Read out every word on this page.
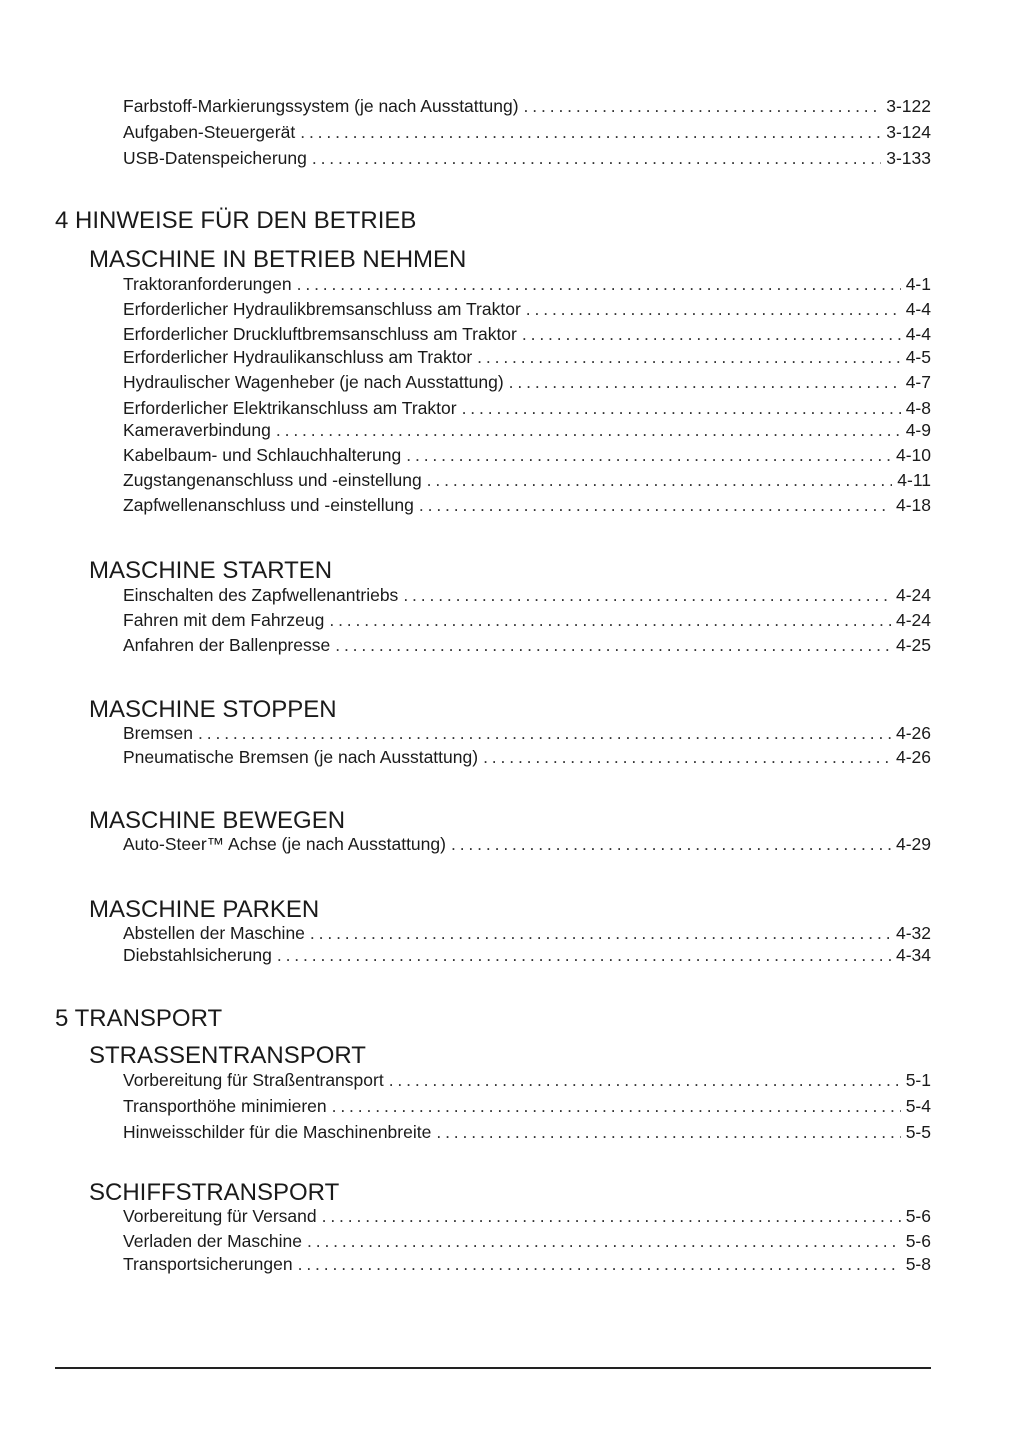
Farbstoff-Markierungssystem (je nach Ausstattung) . . .	3-122
Aufgaben-Steuergerät . . .	3-124
USB-Datenspeicherung . . .	3-133
4 HINWEISE FÜR DEN BETRIEB
MASCHINE IN BETRIEB NEHMEN
Traktoranforderungen . . .	4-1
Erforderlicher Hydraulikbremsanschluss am Traktor . . .	4-4
Erforderlicher Druckluftbremsanschluss am Traktor . . .	4-4
Erforderlicher Hydraulikanschluss am Traktor . . .	4-5
Hydraulischer Wagenheber (je nach Ausstattung) . . .	4-7
Erforderlicher Elektrikanschluss am Traktor . . .	4-8
Kameraverbindung . . .	4-9
Kabelbaum- und Schlauchhalterung . . .	4-10
Zugstangenanschluss und -einstellung . . .	4-11
Zapfwellenanschluss und -einstellung . . .	4-18
MASCHINE STARTEN
Einschalten des Zapfwellenantriebs . . .	4-24
Fahren mit dem Fahrzeug . . .	4-24
Anfahren der Ballenpresse . . .	4-25
MASCHINE STOPPEN
Bremsen . . .	4-26
Pneumatische Bremsen (je nach Ausstattung) . . .	4-26
MASCHINE BEWEGEN
Auto-Steer™ Achse (je nach Ausstattung) . . .	4-29
MASCHINE PARKEN
Abstellen der Maschine . . .	4-32
Diebstahlsicherung . . .	4-34
5 TRANSPORT
STRASSENTRANSPORT
Vorbereitung für Straßentransport . . .	5-1
Transporthöhe minimieren . . .	5-4
Hinweisschilder für die Maschinenbreite . . .	5-5
SCHIFFSTRANSPORT
Vorbereitung für Versand . . .	5-6
Verladen der Maschine . . .	5-6
Transportsicherungen . . .	5-8
